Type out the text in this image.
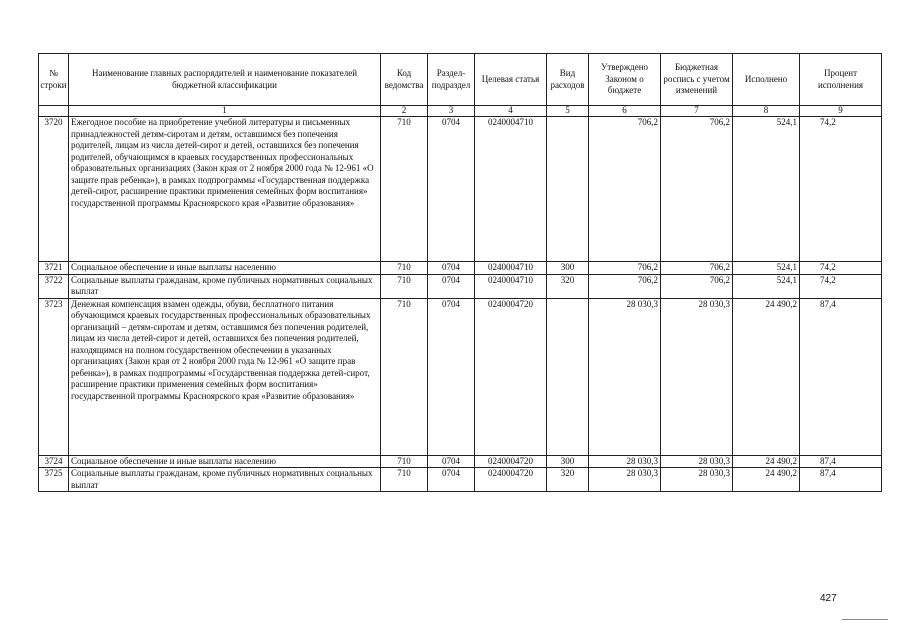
№ строки	Наименование главных распорядителей и наименование показателей бюджетной классификации	Код ведомства	Раздел-подраздел	Целевая статья	Вид расходов	Утверждено Законом о бюджете	Бюджетная роспись с учетом изменений	Исполнено	Процент исполнения
	1	2	3	4	5	6	7	8	9
3720	Ежегодное пособие на приобретение учебной литературы и письменных принадлежностей детям-сиротам и детям, оставшимся без попечения родителей, лицам из числа детей-сирот и детей, оставшихся без попечения родителей, обучающимся в краевых государственных профессиональных образовательных организациях (Закон края от 2 ноября 2000 года № 12-961 «О защите прав ребенка»), в рамках подпрограммы «Государственная поддержка детей-сирот, расширение практики применения семейных форм воспитания» государственной программы Красноярского края «Развитие образования»	710	0704	0240004710		706,2	706,2	524,1	74,2
3721	Социальное обеспечение и иные выплаты населению	710	0704	0240004710	300	706,2	706,2	524,1	74,2
3722	Социальные выплаты гражданам, кроме публичных нормативных социальных выплат	710	0704	0240004710	320	706,2	706,2	524,1	74,2
3723	Денежная компенсация взамен одежды, обуви, бесплатного питания обучающимся краевых государственных профессиональных образовательных организаций – детям-сиротам и детям, оставшимся без попечения родителей, лицам из числа детей-сирот и детей, оставшихся без попечения родителей, находящимся на полном государственном обеспечении в указанных организациях (Закон края от 2 ноября 2000 года № 12-961 «О защите прав ребенка»), в рамках подпрограммы «Государственная поддержка детей-сирот, расширение практики применения семейных форм воспитания» государственной программы Красноярского края «Развитие образования»	710	0704	0240004720		28 030,3	28 030,3	24 490,2	87,4
3724	Социальное обеспечение и иные выплаты населению	710	0704	0240004720	300	28 030,3	28 030,3	24 490,2	87,4
3725	Социальные выплаты гражданам, кроме публичных нормативных социальных выплат	710	0704	0240004720	320	28 030,3	28 030,3	24 490,2	87,4
427
